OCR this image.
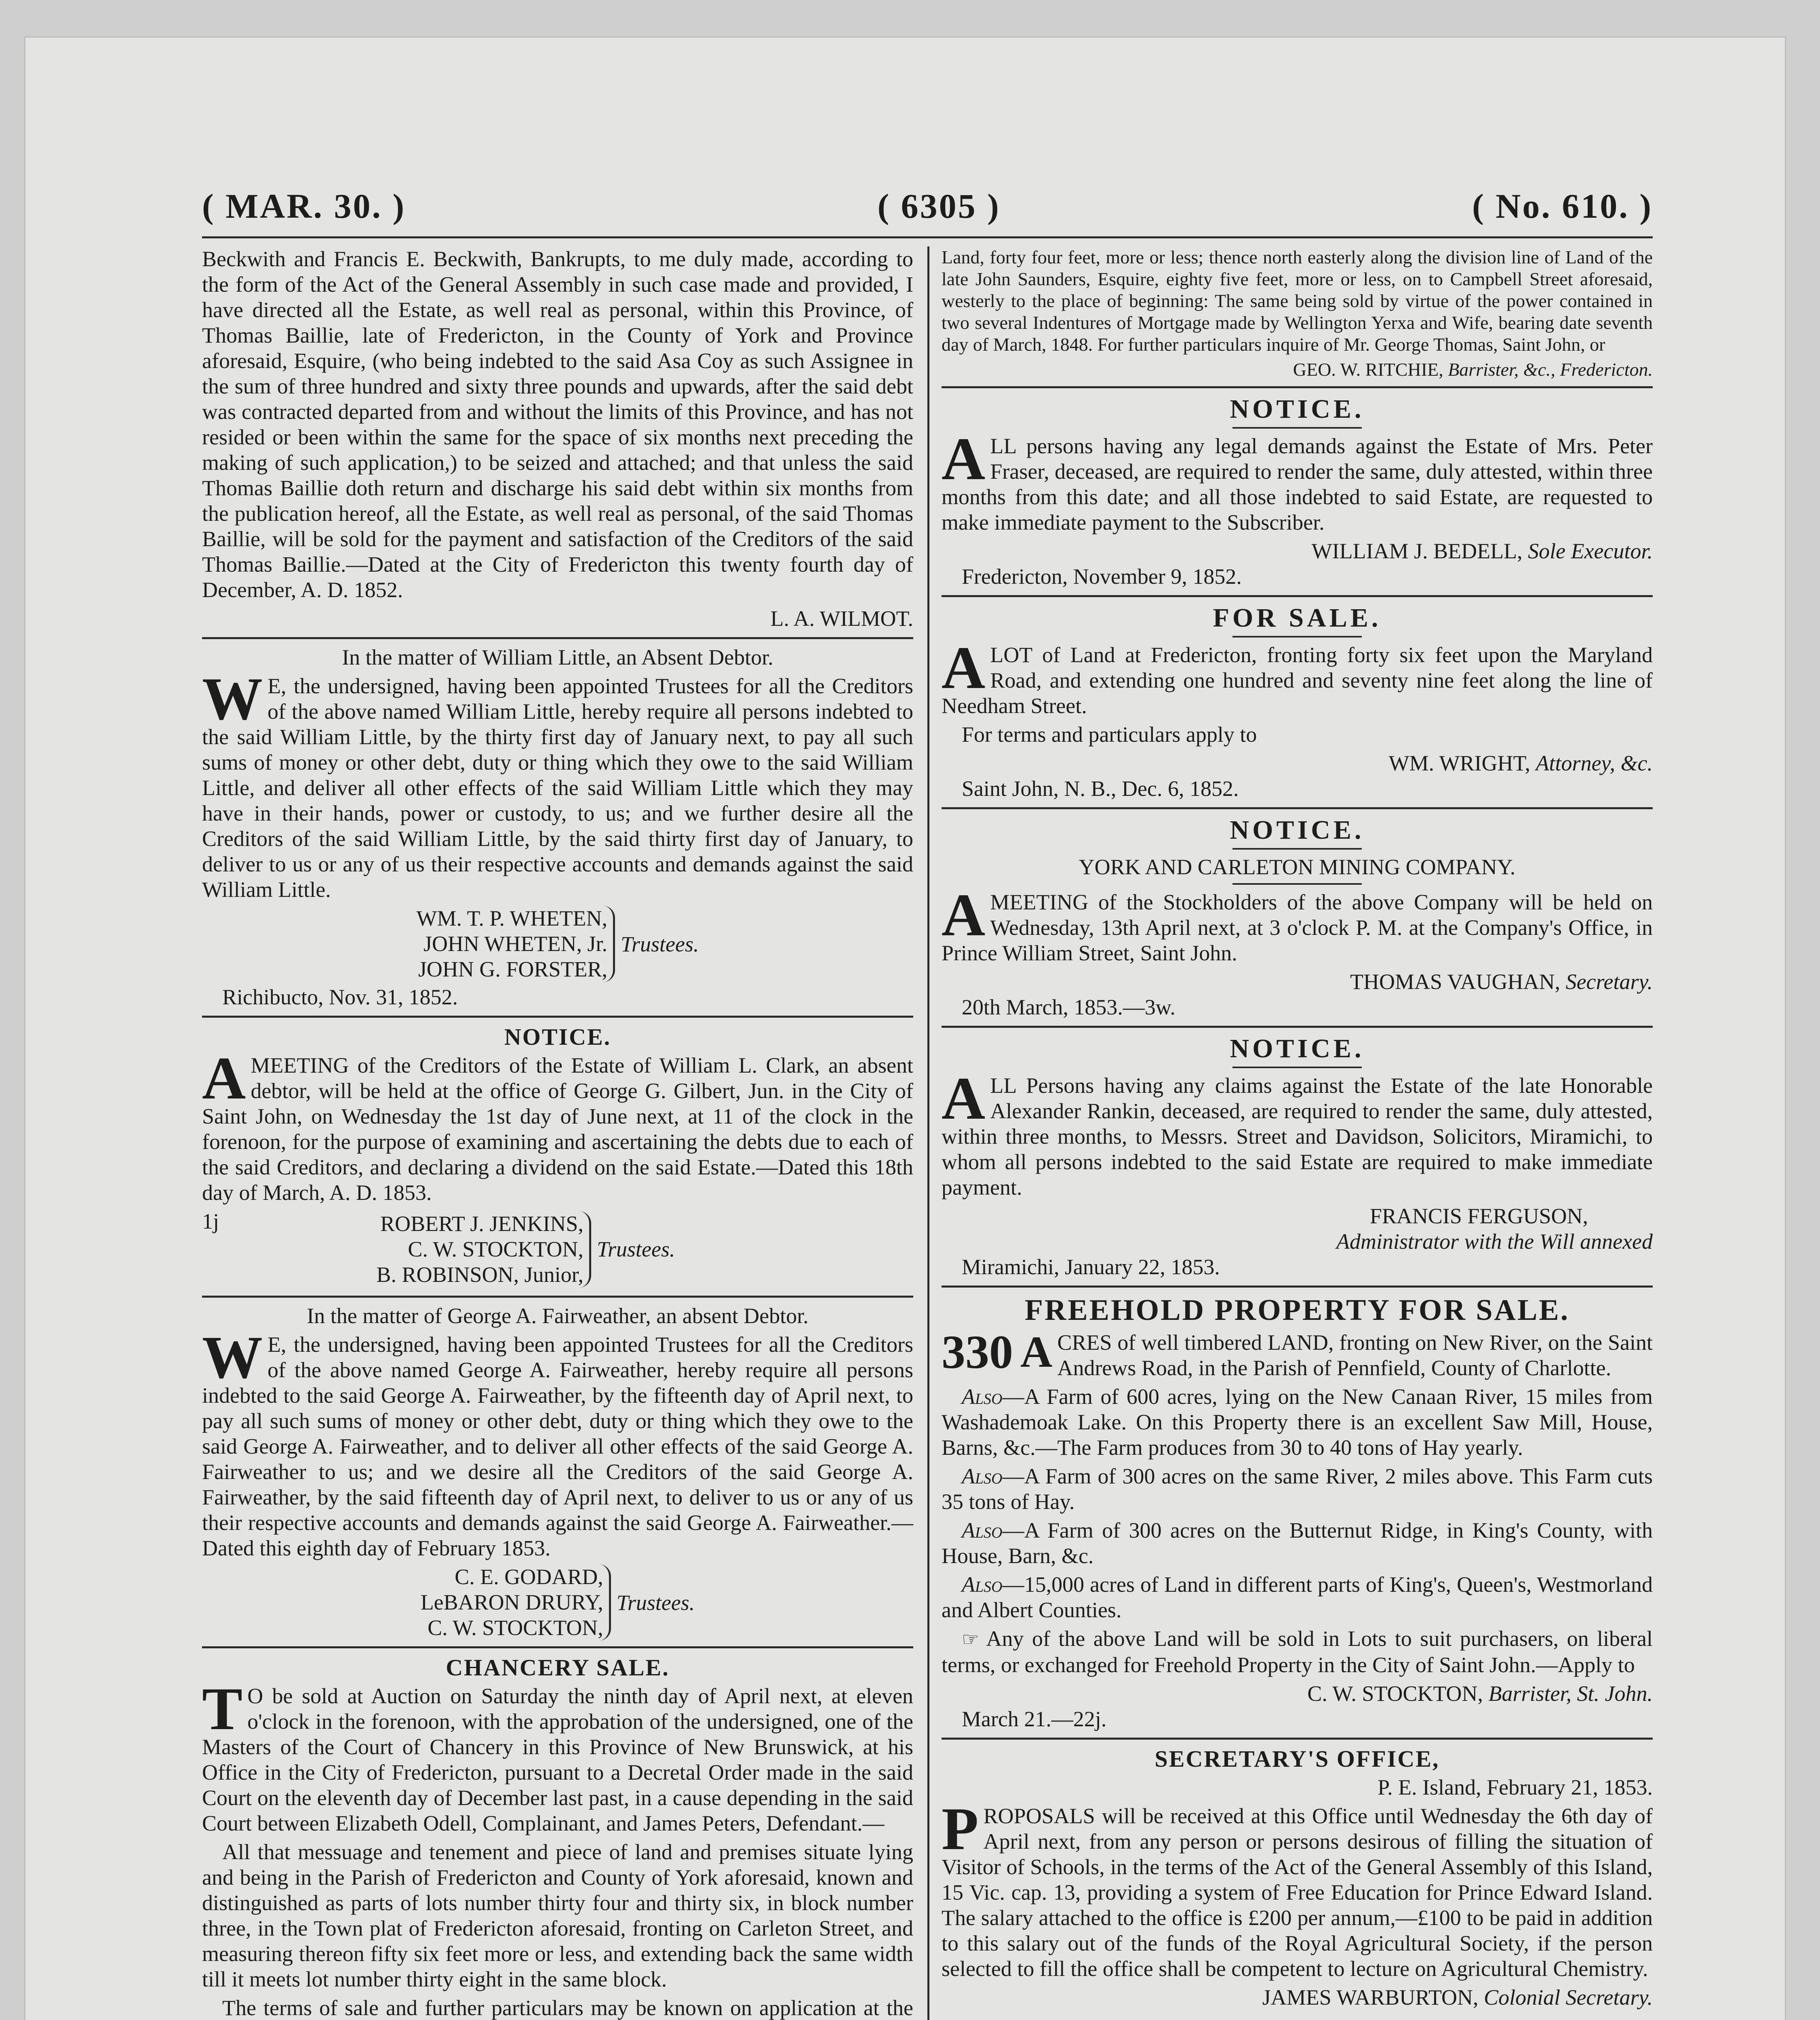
( MAR. 30. )	( 6305 )	( No. 610. )

Beckwith and Francis E. Beckwith, Bankrupts, to me duly made, according to the form of the Act of the General Assembly in such case made and provided, I have directed all the Estate, as well real as personal, within this Province, of Thomas Baillie, late of Fredericton, in the County of York and Province aforesaid, Esquire, (who being indebted to the said Asa Coy as such Assignee in the sum of three hundred and sixty three pounds and upwards, after the said debt was contracted departed from and without the limits of this Province, and has not resided or been within the same for the space of six months next preceding the making of such application,) to be seized and attached; and that unless the said Thomas Baillie doth return and discharge his said debt within six months from the publication hereof, all the Estate, as well real as personal, of the said Thomas Baillie, will be sold for the payment and satisfaction of the Creditors of the said Thomas Baillie.—Dated at the City of Fredericton this twenty fourth day of December, A. D. 1852.

L. A. WILMOT.

In the matter of William Little, an Absent Debtor.

W E, the undersigned, having been appointed Trustees for all the Creditors of the above named William Little, hereby require all persons indebted to the said William Little, by the thirty first day of January next, to pay all such sums of money or other debt, duty or thing which they owe to the said William Little, and deliver all other effects of the said William Little which they may have in their hands, power or custody, to us; and we further desire all the Creditors of the said William Little, by the said thirty first day of January, to deliver to us or any of us their respective accounts and demands against the said William Little.

WM. T. P. WHETEN,
JOHN WHETEN, Jr.
JOHN G. FORSTER,
Trustees.

Richibucto, Nov. 31, 1852.

NOTICE.

AMEETING of the Creditors of the Estate of William L. Clark, an absent debtor, will be held at the office of George G. Gilbert, Jun. in the City of Saint John, on Wednesday the 1st day of June next, at 11 of the clock in the forenoon, for the purpose of examining and ascertaining the debts due to each of the said Creditors, and declaring a dividend on the said Estate.—Dated this 18th day of March, A. D. 1853.

1j	ROBERT J. JENKINS,
C. W. STOCKTON,
B. ROBINSON, Junior,
Trustees.

In the matter of George A. Fairweather, an absent Debtor.

W E, the undersigned, having been appointed Trustees for all the Creditors of the above named George A. Fairweather, hereby require all persons indebted to the said George A. Fairweather, by the fifteenth day of April next, to pay all such sums of money or other debt, duty or thing which they owe to the said George A. Fairweather, and to deliver all other effects of the said George A. Fairweather to us; and we desire all the Creditors of the said George A. Fairweather, by the said fifteenth day of April next, to deliver to us or any of us their respective accounts and demands against the said George A. Fairweather.—Dated this eighth day of February 1853.

C. E. GODARD,
LeBARON DRURY,
C. W. STOCKTON,
Trustees.
CHANCERY SALE.

T O be sold at Auction on Saturday the ninth day of April next, at eleven o'clock in the forenoon, with the approbation of the undersigned, one of the Masters of the Court of Chancery in this Province of New Brunswick, at his Office in the City of Fredericton, pursuant to a Decretal Order made in the said Court on the eleventh day of December last past, in a cause depending in the said Court between Elizabeth Odell, Complainant, and James Peters, Defendant.—

All that messuage and tenement and piece of land and premises situate lying and being in the Parish of Fredericton and County of York aforesaid, known and distinguished as parts of lots number thirty four and thirty six, in block number three, in the Town plat of Fredericton aforesaid, fronting on Carleton Street, and measuring thereon fifty six feet more or less, and extending back the same width till it meets lot number thirty eight in the same block.

The terms of sale and further particulars may be known on application at the

Land, forty four feet, more or less; thence north easterly along the division line of Land of the late John Saunders, Esquire, eighty five feet, more or less, on to Campbell Street aforesaid, westerly to the place of beginning: The same being sold by virtue of the power contained in two several Indentures of Mortgage made by Wellington Yerxa and Wife, bearing date seventh day of March, 1848. For further particulars inquire of Mr. George Thomas, Saint John, or

GEO. W. RITCHIE, Barrister, &c., Fredericton.

NOTICE.

ALL persons having any legal demands against the Estate of Mrs. Peter Fraser, deceased, are required to render the same, duly attested, within three months from this date; and all those indebted to said Estate, are requested to make immediate payment to the Subscriber.

WILLIAM J. BEDELL, Sole Executor.

Fredericton, November 9, 1852.

FOR SALE.

ALOT of Land at Fredericton, fronting forty six feet upon the Maryland Road, and extending one hundred and seventy nine feet along the line of Needham Street.

For terms and particulars apply to

WM. WRIGHT, Attorney, &c.

Saint John, N. B., Dec. 6, 1852.

NOTICE.

YORK AND CARLETON MINING COMPANY.

AMEETING of the Stockholders of the above Company will be held on Wednesday, 13th April next, at 3 o'clock P. M. at the Company's Office, in Prince William Street, Saint John.

THOMAS VAUGHAN, Secretary.

20th March, 1853.—3w.

NOTICE.

ALL Persons having any claims against the Estate of the late Honorable Alexander Rankin, deceased, are required to render the same, duly attested, within three months, to Messrs. Street and Davidson, Solicitors, Miramichi, to whom all persons indebted to the said Estate are required to make immediate payment.

FRANCIS FERGUSON,

Administrator with the Will annexed

Miramichi, January 22, 1853.

FREEHOLD PROPERTY FOR SALE.

330 A CRES of well timbered LAND, fronting on New River, on the Saint Andrews Road, in the Parish of Pennfield, County of Charlotte.

Also—A Farm of 600 acres, lying on the New Canaan River, 15 miles from Washademoak Lake. On this Property there is an excellent Saw Mill, House, Barns, &c.—The Farm produces from 30 to 40 tons of Hay yearly.

Also—A Farm of 300 acres on the same River, 2 miles above. This Farm cuts 35 tons of Hay.

Also—A Farm of 300 acres on the Butternut Ridge, in King's County, with House, Barn, &c.

Also—15,000 acres of Land in different parts of King's, Queen's, Westmorland and Albert Counties.

☞ Any of the above Land will be sold in Lots to suit purchasers, on liberal terms, or exchanged for Freehold Property in the City of Saint John.—Apply to

C. W. STOCKTON, Barrister, St. John.

March 21.—22j.

SECRETARY'S OFFICE,

P. E. Island, February 21, 1853.

PROPOSALS will be received at this Office until Wednesday the 6th day of April next, from any person or persons desirous of filling the situation of Visitor of Schools, in the terms of the Act of the General Assembly of this Island, 15 Vic. cap. 13, providing a system of Free Education for Prince Edward Island. The salary attached to the office is £200 per annum,—£100 to be paid in addition to this salary out of the funds of the Royal Agricultural Society, if the person selected to fill the office shall be competent to lecture on Agricultural Chemistry.

JAMES WARBURTON, Colonial Secretary.
